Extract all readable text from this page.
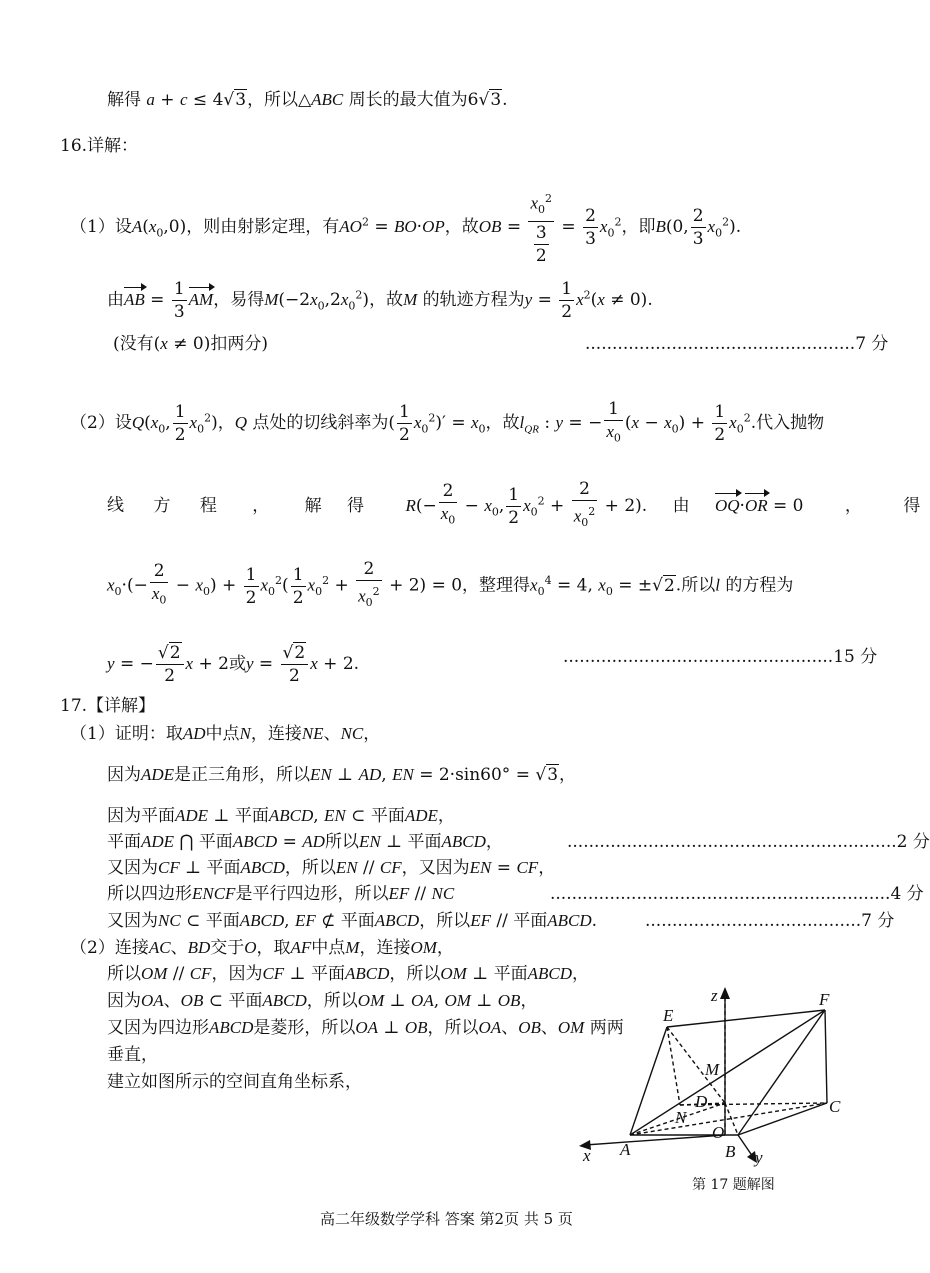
解得 a + c ≤ 4√3，所以△ABC 周长的最大值为6√3.
16.详解：
（1）设$A(x_0,0)$，则由射影定理，有$AO^2 = BO\cdot OP$，故OB = $\frac{x_0^2}{\frac{3}{2}} = \frac{2}{3} x_0^2$，即B(0, $\frac{2}{3} x_0^2$).
由AB = $\frac{1}{3}$ AM，易得$M(-2x_0,2x_0^2)$，故M 的轨迹方程为$y = \frac{1}{2} x^2(x \ne 0)$.
(没有(x ≠ 0)扣两分)	..................................................7 分
（2）设$Q(x_0$, $\frac{1}{2} x_0^2$)，Q 点处的切线斜率为( $\frac{1}{2} x_0^2)' = x_0$，故$l_{QR}$ : y = − $\frac{1}{x_0} (x - x_0) + \frac{1}{2} x_0^2$.代入抛物
线 方 程 ， 解 得 $R(- \frac{2}{x_0} - x_0$, $\frac{1}{2} x_0^2 + \frac{2}{x_0^2} + 2$). 由 OQ·OR = 0 ， 得
$x_0\cdot(- \frac{2}{x_0} - x_0) + \frac{1}{2} x_0^2( \frac{1}{2} x_0^2 + \frac{2}{x_0^2} + 2) = 0$，整理得$x_0^4 = 4$, $x_0 = \pm√2$.所以l 的方程为
y = − $\frac{√2}{2}$ x + 2或$y = \frac{√2}{2}$ x + 2.	..................................................15 分
17.【详解】
（1）证明：取AD中点N，连接NE、NC，
因为ADE是正三角形，所以EN ⊥ AD, EN = 2·sin60° = √3，
因为平面ADE ⊥ 平面ABCD, EN ⊂ 平面ADE，
平面ADE ⋂ 平面ABCD = AD所以EN ⊥ 平面ABCD，	.............................................................2 分
又因为CF ⊥ 平面ABCD，所以EN // CF，又因为EN = CF，
所以四边形ENCF是平行四边形，所以EF // NC	...............................................................4 分
又因为NC ⊂ 平面ABCD, EF ⊄ 平面ABCD，所以EF // 平面ABCD.	........................................7 分
（2）连接AC、BD交于O，取AF中点M，连接OM，
所以OM // CF，因为CF ⊥ 平面ABCD，所以OM ⊥ 平面ABCD，
因为OA、OB ⊂ 平面ABCD，所以OM ⊥ OA, OM ⊥ OB，
又因为四边形ABCD是菱形，所以OA ⊥ OB，所以OA、OB、OM 两两
垂直，
建立如图所示的空间直角坐标系，
E
F
z
M
D
N
C
O
A
x	B y
第 17 题解图
高二年级数学学科 答案 第2页 共 5 页
